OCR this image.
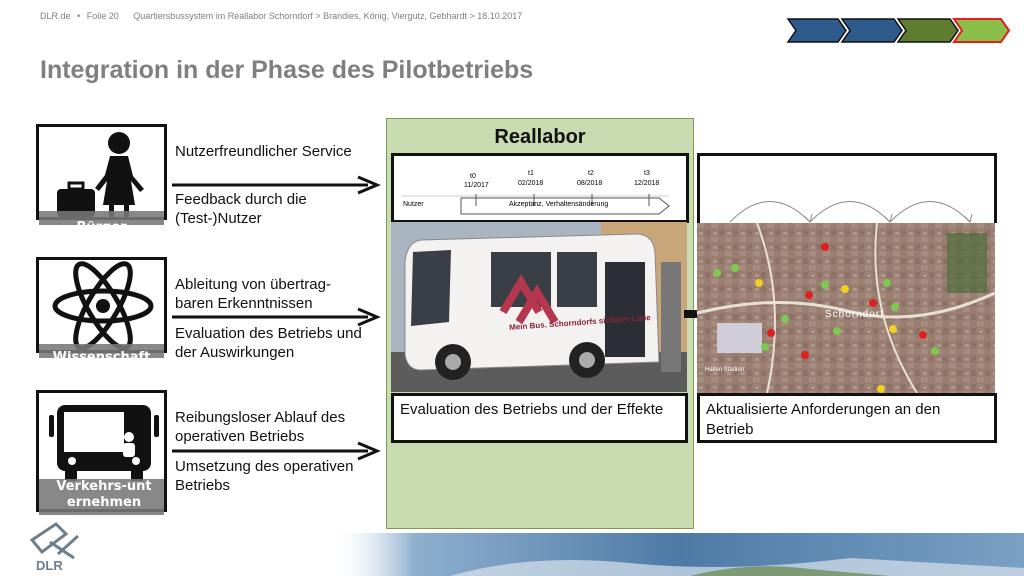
DLR.de • Folie 20 Quartiersbussystem im Reallabor Schorndorf > Brandies, König, Viergutz, Gebhardt > 18.10.2017
Integration in der Phase des Pilotbetriebs
Bürger
Wissenschaft
Verkehrs-unternehmen
Nutzerfreundlicher Service
Feedback durch die (Test-)Nutzer
Ableitung von übertrag-baren Erkenntnissen
Evaluation des Betriebs und der Auswirkungen
Reibungsloser Ablauf des operativen Betriebs
Umsetzung des operativen Betriebs
Reallabor
t0
11/2017
t1
02/2018
t2
08/2018
t3
12/2018
Nutzer	Akzeptanz, Verhaltensänderung
Mein Bus. Schorndorfs sicherer Linie
Evaluation des Betriebs und der Effekte
Schorndorf
Hallen Stadion
Aktualisierte Anforderungen an den Betrieb
DLR
